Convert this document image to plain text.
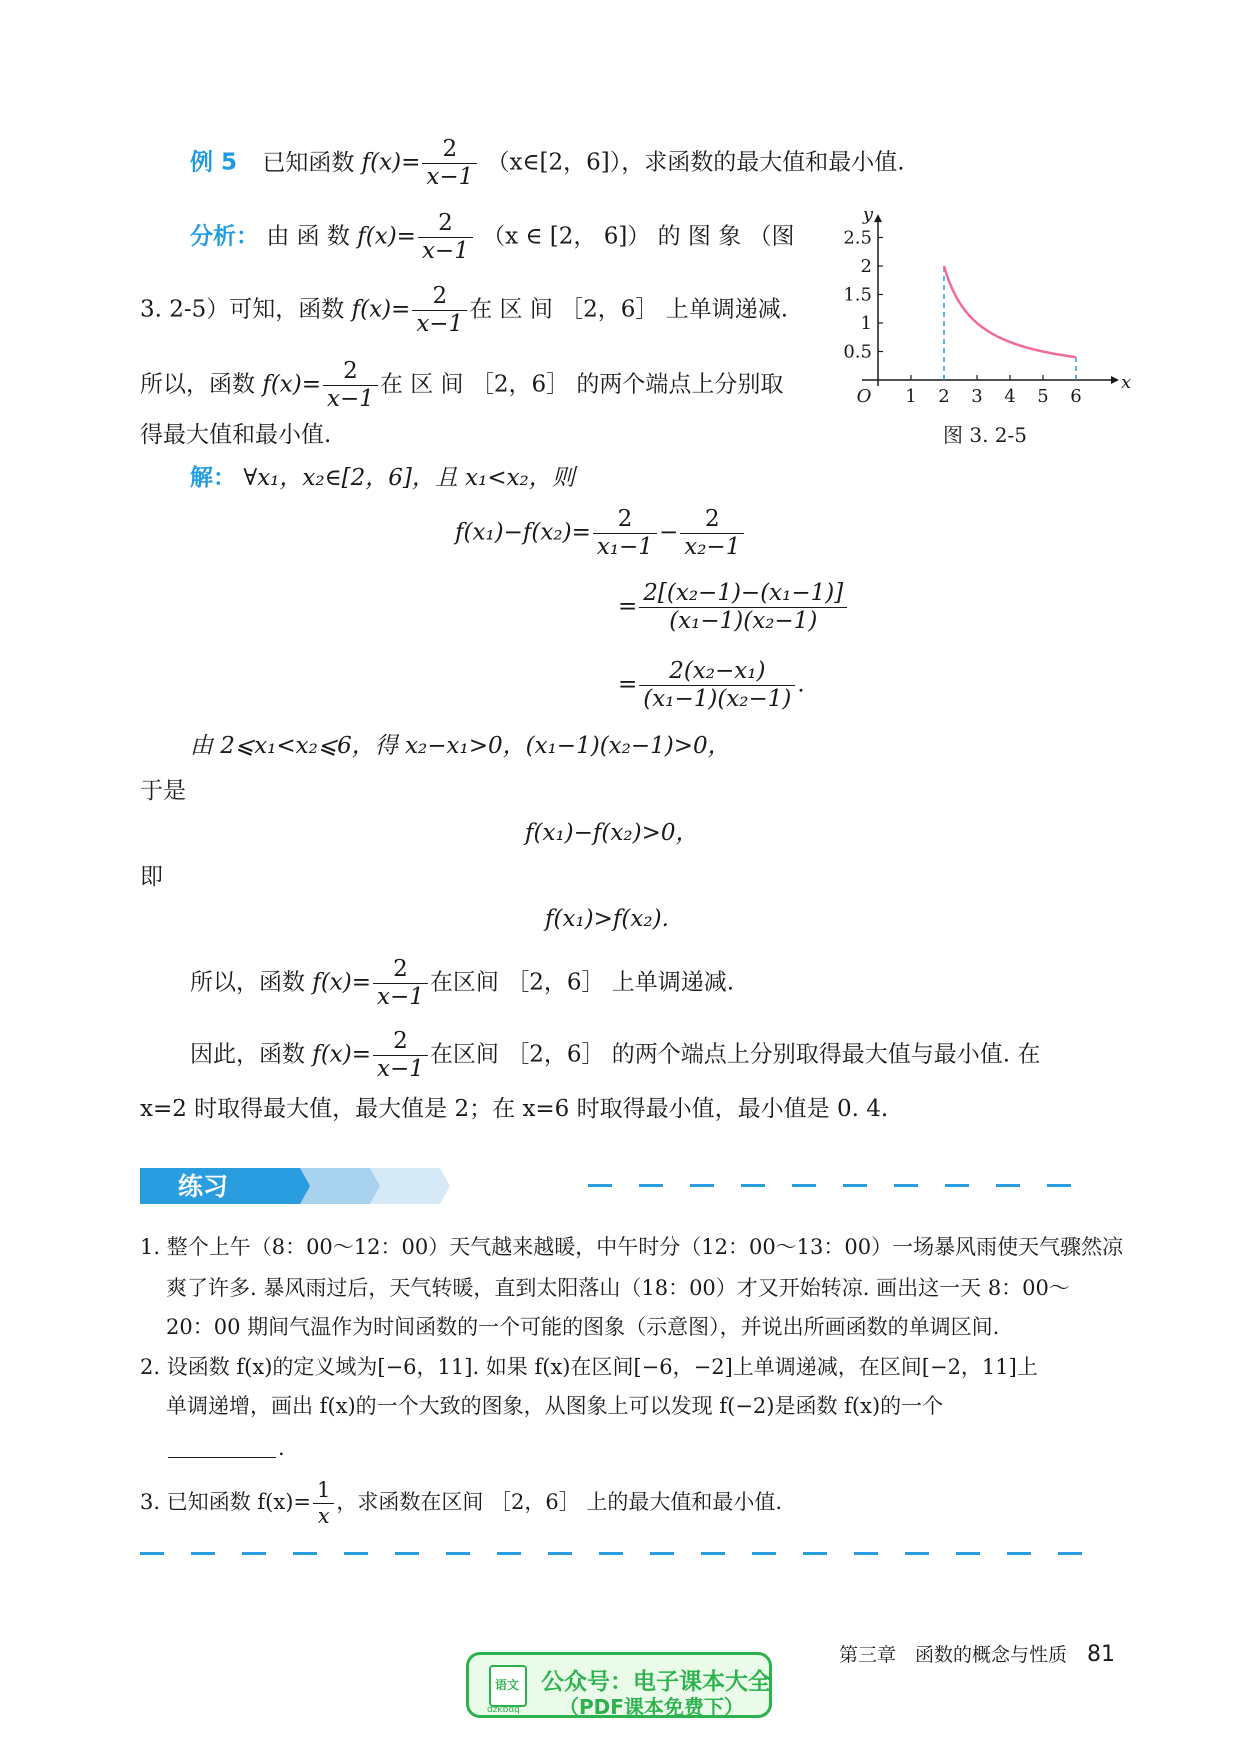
例 5 已知函数 $f(x)= \frac{2}{x-1}$ （x∈[2，6]），求函数的最大值和最小值.
分析： 由 函 数 $f(x)= \frac{2}{x-1} (x$ ∈ [2， 6]） 的 图 象 （图
3. 2-5）可知，函数 $f(x)= \frac{2}{x-1}$ 在 区 间 ［2，6］ 上单调递减.
所以，函数 $f(x)= \frac{2}{x-1}$ 在 区 间 ［2，6］ 的两个端点上分别取
得最大值和最小值.
x
y
O 1 2 3 4 5 6
0.5
1
1.5
2
2.5
图 3. 2-5
解： ∀x₁，x₂∈[2，6]，且 x₁<x₂，则
$f(x_1)-f(x_2)= \frac{2}{\text{x₁−1}} - \frac{2}{\text{x₂−1}}$
= $\frac{\text{2[(x₂−1)−(x₁−1)]}}{\text{(x₁−1)(x₂−1)}}$
= $\frac{\text{2(x₂−x₁)}}{\text{(x₁−1)(x₂−1)}}$ .
由 2⩽x₁<x₂⩽6，得 x₂−x₁>0，(x₁−1)(x₂−1)>0，
于是
f(x₁)−f(x₂)>0，
即
f(x₁)>f(x₂).
所以，函数 $f(x)= \frac{2}{x-1}$ 在区间 ［2，6］ 上单调递减.
因此，函数 $f(x)= \frac{2}{x-1}$ 在区间 ［2，6］ 的两个端点上分别取得最大值与最小值. 在
x=2 时取得最大值，最大值是 2；在 x=6 时取得最小值，最小值是 0. 4.
练习
1. 整个上午（8：00～12：00）天气越来越暖，中午时分（12：00～13：00）一场暴风雨使天气骤然凉
爽了许多. 暴风雨过后，天气转暖，直到太阳落山（18：00）才又开始转凉. 画出这一天 8：00～
20：00 期间气温作为时间函数的一个可能的图象（示意图），并说出所画函数的单调区间.
2. 设函数 f(x)的定义域为[−6，11]. 如果 f(x)在区间[−6，−2]上单调递减，在区间[−2，11]上
单调递增，画出 f(x)的一个大致的图象，从图象上可以发现 f(−2)是函数 f(x)的一个
.
3. 已知函数 $f(x)= \frac{1}{x}$ ，求函数在区间 ［2，6］ 上的最大值和最小值.
第三章　函数的概念与性质 81
语文
dzkbdq
公众号：电子课本大全
（PDF课本免费下）
